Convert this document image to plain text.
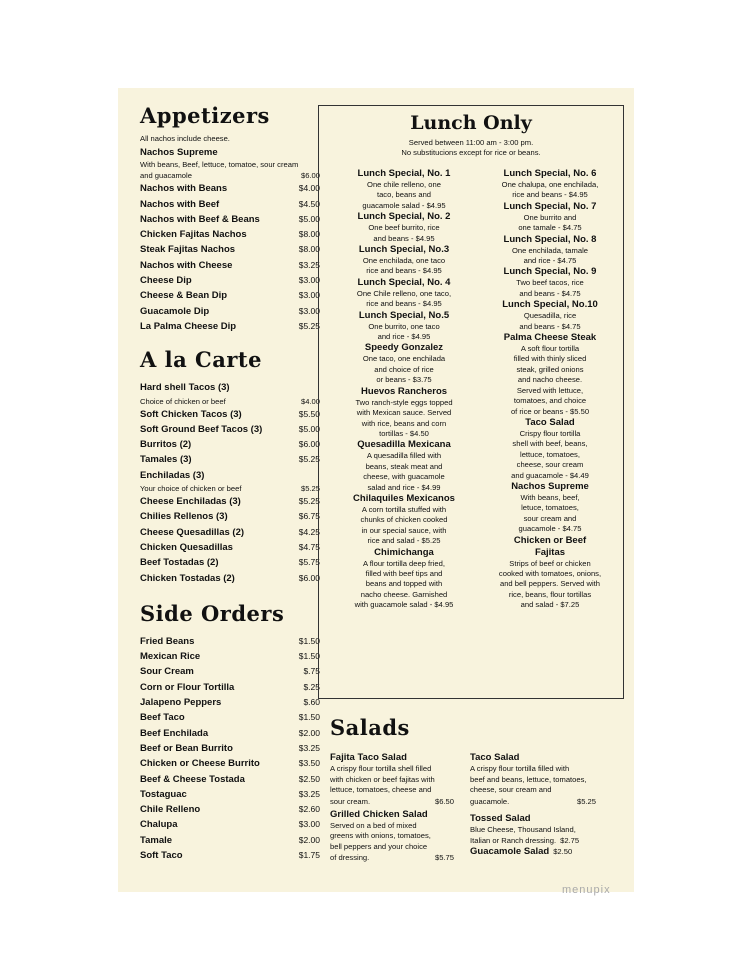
Appetizers
All nachos include cheese.
Nachos Supreme
With beans, Beef, lettuce, tomatoe, sour cream
and guacamole	$6.00
Nachos with Beans	$4.00
Nachos with Beef	$4.50
Nachos with Beef & Beans	$5.00
Chicken Fajitas Nachos	$8.00
Steak Fajitas Nachos	$8.00
Nachos with Cheese	$3.25
Cheese Dip	$3.00
Cheese & Bean Dip	$3.00
Guacamole Dip	$3.00
La Palma Cheese Dip	$5.25
A la Carte
Hard shell Tacos (3)
Choice of chicken or beef	$4.00
Soft Chicken Tacos (3)	$5.50
Soft Ground Beef Tacos (3)	$5.00
Burritos (2)	$6.00
Tamales (3)	$5.25
Enchiladas (3)
Your choice of chicken or beef	$5.25
Cheese Enchiladas (3)	$5.25
Chilies Rellenos (3)	$6.75
Cheese Quesadillas (2)	$4.25
Chicken Quesadillas	$4.75
Beef Tostadas (2)	$5.75
Chicken Tostadas (2)	$6.00
Side Orders
Fried Beans	$1.50
Mexican Rice	$1.50
Sour Cream	$.75
Corn or Flour Tortilla	$.25
Jalapeno Peppers	$.60
Beef Taco	$1.50
Beef Enchilada	$2.00
Beef or Bean Burrito	$3.25
Chicken or Cheese Burrito	$3.50
Beef & Cheese Tostada	$2.50
Tostaguac	$3.25
Chile Relleno	$2.60
Chalupa	$3.00
Tamale	$2.00
Soft Taco	$1.75
Lunch Only
Served between 11:00 am - 3:00 pm.
No substitucions except for rice or beans.
Lunch Special, No. 1
One chile relleno, one
taco, beans and
guacamole salad - $4.95
Lunch Special, No. 2
One beef burrito, rice
and beans - $4.95
Lunch Special, No.3
One enchilada, one taco
rice and beans - $4.95
Lunch Special, No. 4
One Chile relleno, one taco,
rice and beans - $4.95
Lunch Special, No.5
One burrito, one taco
and rice - $4.95
Speedy Gonzalez
One taco, one enchilada
and choice of rice
or beans - $3.75
Huevos Rancheros
Two ranch-style eggs topped
with Mexican sauce. Served
with rice, beans and corn
tortillas - $4.50
Quesadilla Mexicana
A quesadilla filled with
beans, steak meat and
cheese, with guacamole
salad and rice - $4.99
Chilaquiles Mexicanos
A corn tortilla stuffed with
chunks of chicken cooked
in our special sauce, with
rice and salad - $5.25
Chimichanga
A flour tortilla deep fried,
filled with beef tips and
beans and topped with
nacho cheese. Garnished
with guacamole salad - $4.95
Lunch Special, No. 6
One chalupa, one enchilada,
rice and beans - $4.95
Lunch Special, No. 7
One burrito and
one tamale - $4.75
Lunch Special, No. 8
One enchilada, tamale
and rice - $4.75
Lunch Special, No. 9
Two beef tacos, rice
and beans - $4.75
Lunch Special, No.10
Quesadilla, rice
and beans - $4.75
Palma Cheese Steak
A soft flour tortilla
filled with thinly sliced
steak, grilled onions
and nacho cheese.
Served with lettuce,
tomatoes, and choice
of rice or beans - $5.50
Taco Salad
Crispy flour tortilla
shell with beef, beans,
lettuce, tomatoes,
cheese, sour cream
and guacamole - $4.49
Nachos Supreme
With beans, beef,
letuce, tomatoes,
sour cream and
guacamole - $4.75
Chicken or Beef
Fajitas
Strips of beef or chicken
cooked with tomatoes, onions,
and bell peppers. Served with
rice, beans, flour tortillas
and salad - $7.25
Salads
Fajita Taco Salad
A crispy flour tortilla shell filled
with chicken or beef fajitas with
lettuce, tomatoes, cheese and
sour cream.	$6.50
Grilled Chicken Salad
Served on a bed of mixed
greens with onions, tomatoes,
bell peppers and your choice
of dressing.	$5.75
Taco Salad
A crispy flour tortilla filled with
beef and beans, lettuce, tomatoes,
cheese, sour cream and
guacamole.	$5.25
Tossed Salad
Blue Cheese, Thousand Island,
Italian or Ranch dressing. $2.75
Guacamole Salad $2.50
menupix
